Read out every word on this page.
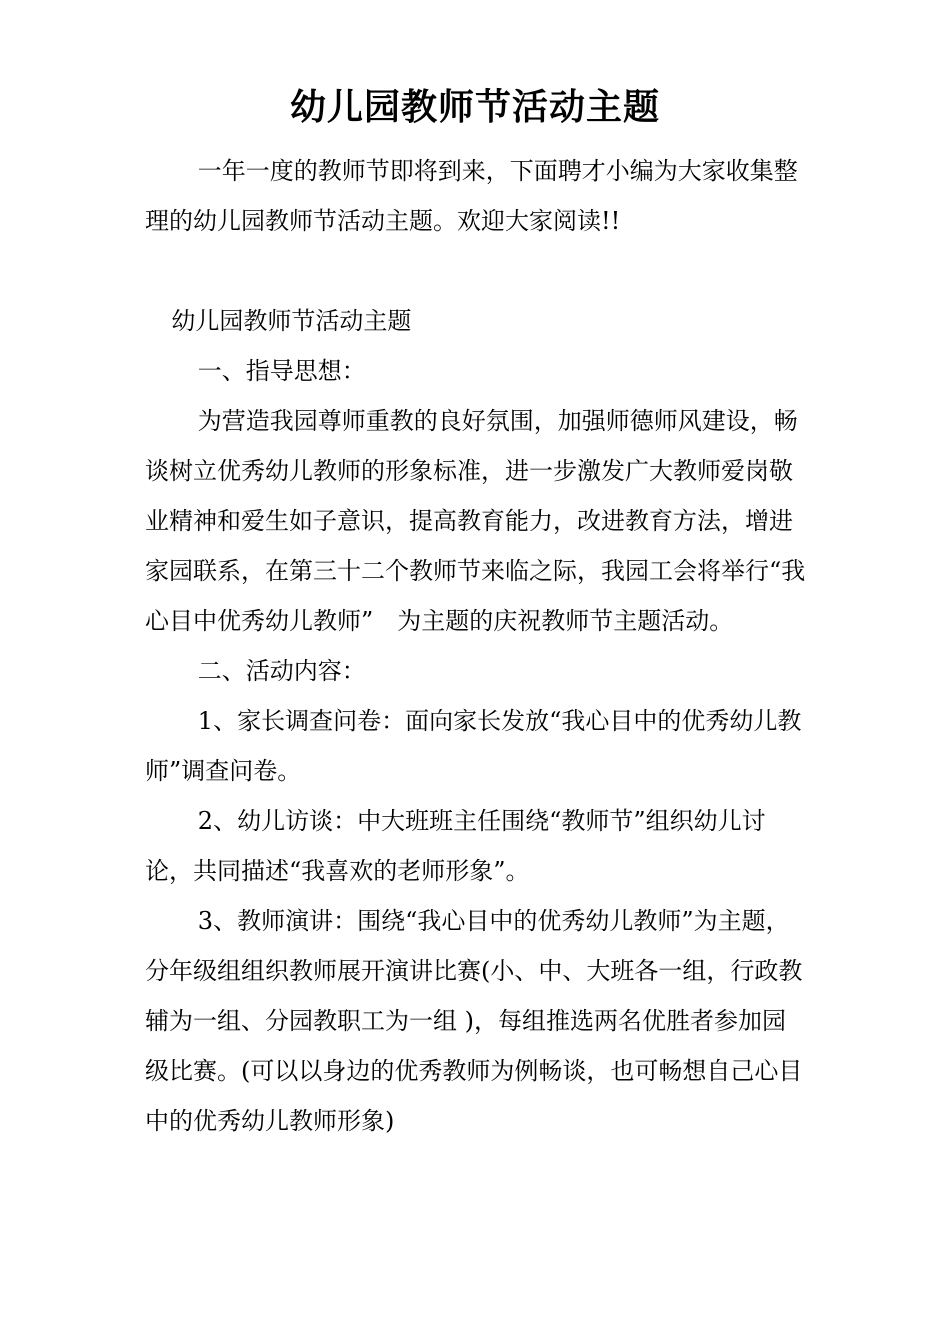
幼儿园教师节活动主题

一年一度的教师节即将到来，下面聘才小编为大家收集整理的幼儿园教师节活动主题。欢迎大家阅读!!

幼儿园教师节活动主题

一、指导思想：

为营造我园尊师重教的良好氛围，加强师德师风建设，畅谈树立优秀幼儿教师的形象标准，进一步激发广大教师爱岗敬业精神和爱生如子意识，提高教育能力，改进教育方法，增进家园联系，在第三十二个教师节来临之际，我园工会将举行“我心目中优秀幼儿教师”　为主题的庆祝教师节主题活动。

二、活动内容：

1、家长调查问卷：面向家长发放“我心目中的优秀幼儿教师”调查问卷。

2、幼儿访谈：中大班班主任围绕“教师节”组织幼儿讨论，共同描述“我喜欢的老师形象”。

3、教师演讲：围绕“我心目中的优秀幼儿教师”为主题，分年级组组织教师展开演讲比赛(小、中、大班各一组，行政教辅为一组、分园教职工为一组 )，每组推选两名优胜者参加园级比赛。(可以以身边的优秀教师为例畅谈，也可畅想自己心目中的优秀幼儿教师形象)
